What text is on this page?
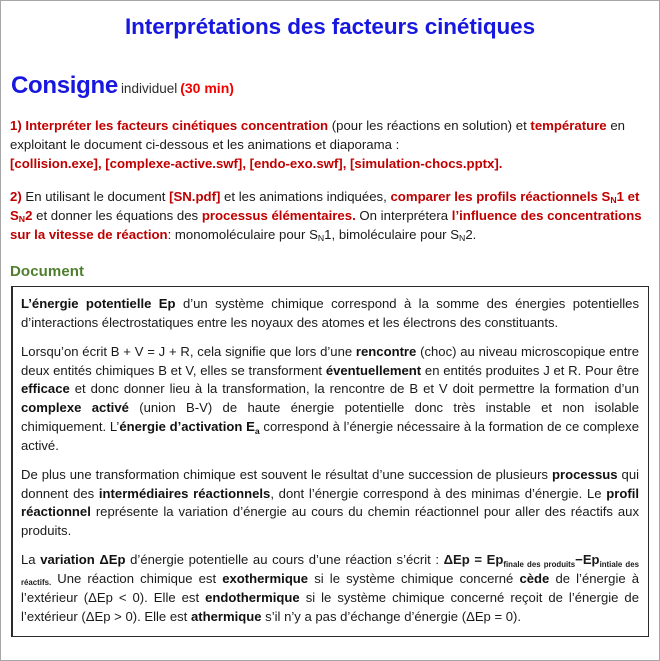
Interprétations des facteurs cinétiques
Consigne individuel (30 min)
1) Interpréter les facteurs cinétiques concentration (pour les réactions en solution) et température en exploitant le document ci-dessous et les animations et diaporama :
[collision.exe], [complexe-active.swf], [endo-exo.swf], [simulation-chocs.pptx].
2) En utilisant le document [SN.pdf] et les animations indiquées, comparer les profils réactionnels $S_N1$ et $S_N2$ et donner les équations des processus élémentaires. On interprétera l’influence des concentrations sur la vitesse de réaction: monomoléculaire pour $S_N1$, bimoléculaire pour $S_N2$.
Document

L’énergie potentielle Ep d’un système chimique correspond à la somme des énergies potentielles d’interactions électrostatiques entre les noyaux des atomes et les électrons des constituants.

Lorsqu’on écrit B + V = J + R, cela signifie que lors d’une rencontre (choc) au niveau microscopique entre deux entités chimiques B et V, elles se transforment éventuellement en entités produites J et R. Pour être efficace et donc donner lieu à la transformation, la rencontre de B et V doit permettre la formation d’un complexe activé (union B-V) de haute énergie potentielle donc très instable et non isolable chimiquement. L’énergie d’activation $E_a$ correspond à l’énergie nécessaire à la formation de ce complexe activé.

De plus une transformation chimique est souvent le résultat d’une succession de plusieurs processus qui donnent des intermédiaires réactionnels, dont l’énergie correspond à des minimas d’énergie. Le profil réactionnel représente la variation d’énergie au cours du chemin réactionnel pour aller des réactifs aux produits.

La variation ΔEp d’énergie potentielle au cours d’une réaction s’écrit : $\Delta Ep = Ep_{finale des produits}-Ep_{intiale des réactifs.}$ Une réaction chimique est exothermique si le système chimique concerné cède de l’énergie à l’extérieur (ΔEp < 0). Elle est endothermique si le système chimique concerné reçoit de l’énergie de l’extérieur (ΔEp > 0). Elle est athermique s’il n’y a pas d’échange d’énergie (ΔEp = 0).
